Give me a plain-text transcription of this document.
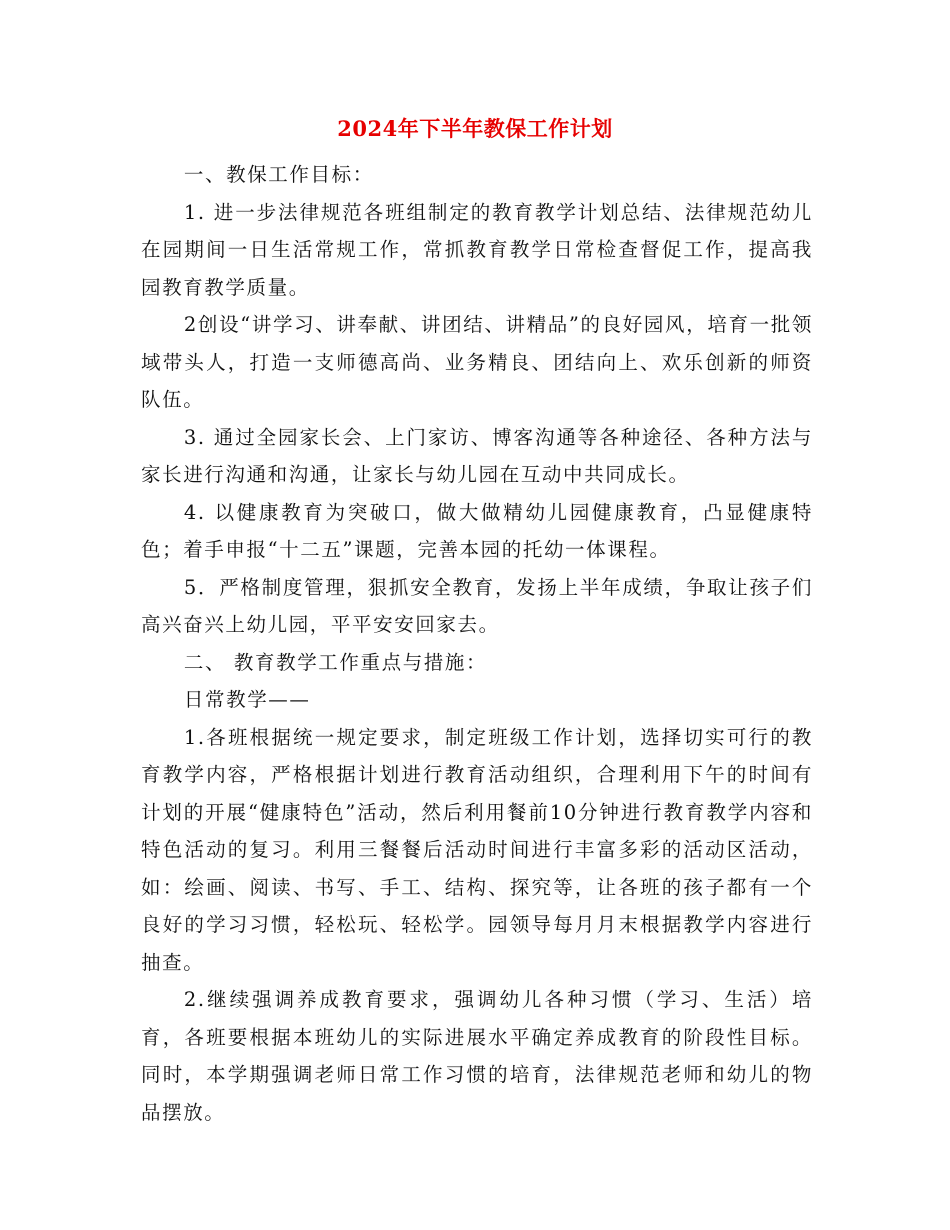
2024年下半年教保工作计划

一、教保工作目标：

1. 进一步法律规范各班组制定的教育教学计划总结、法律规范幼儿在园期间一日生活常规工作，常抓教育教学日常检查督促工作，提高我园教育教学质量。

2创设“讲学习、讲奉献、讲团结、讲精品”的良好园风，培育一批领域带头人，打造一支师德高尚、业务精良、团结向上、欢乐创新的师资队伍。

3. 通过全园家长会、上门家访、博客沟通等各种途径、各种方法与家长进行沟通和沟通，让家长与幼儿园在互动中共同成长。

4. 以健康教育为突破口，做大做精幼儿园健康教育，凸显健康特色；着手申报“十二五”课题，完善本园的托幼一体课程。

5．严格制度管理，狠抓安全教育，发扬上半年成绩，争取让孩子们高兴奋兴上幼儿园，平平安安回家去。

二、 教育教学工作重点与措施：

日常教学——

1.各班根据统一规定要求，制定班级工作计划，选择切实可行的教育教学内容，严格根据计划进行教育活动组织，合理利用下午的时间有计划的开展“健康特色”活动，然后利用餐前10分钟进行教育教学内容和特色活动的复习。利用三餐餐后活动时间进行丰富多彩的活动区活动，如：绘画、阅读、书写、手工、结构、探究等，让各班的孩子都有一个良好的学习习惯，轻松玩、轻松学。园领导每月月末根据教学内容进行抽查。

2.继续强调养成教育要求，强调幼儿各种习惯（学习、生活）培育，各班要根据本班幼儿的实际进展水平确定养成教育的阶段性目标。同时，本学期强调老师日常工作习惯的培育，法律规范老师和幼儿的物品摆放。
